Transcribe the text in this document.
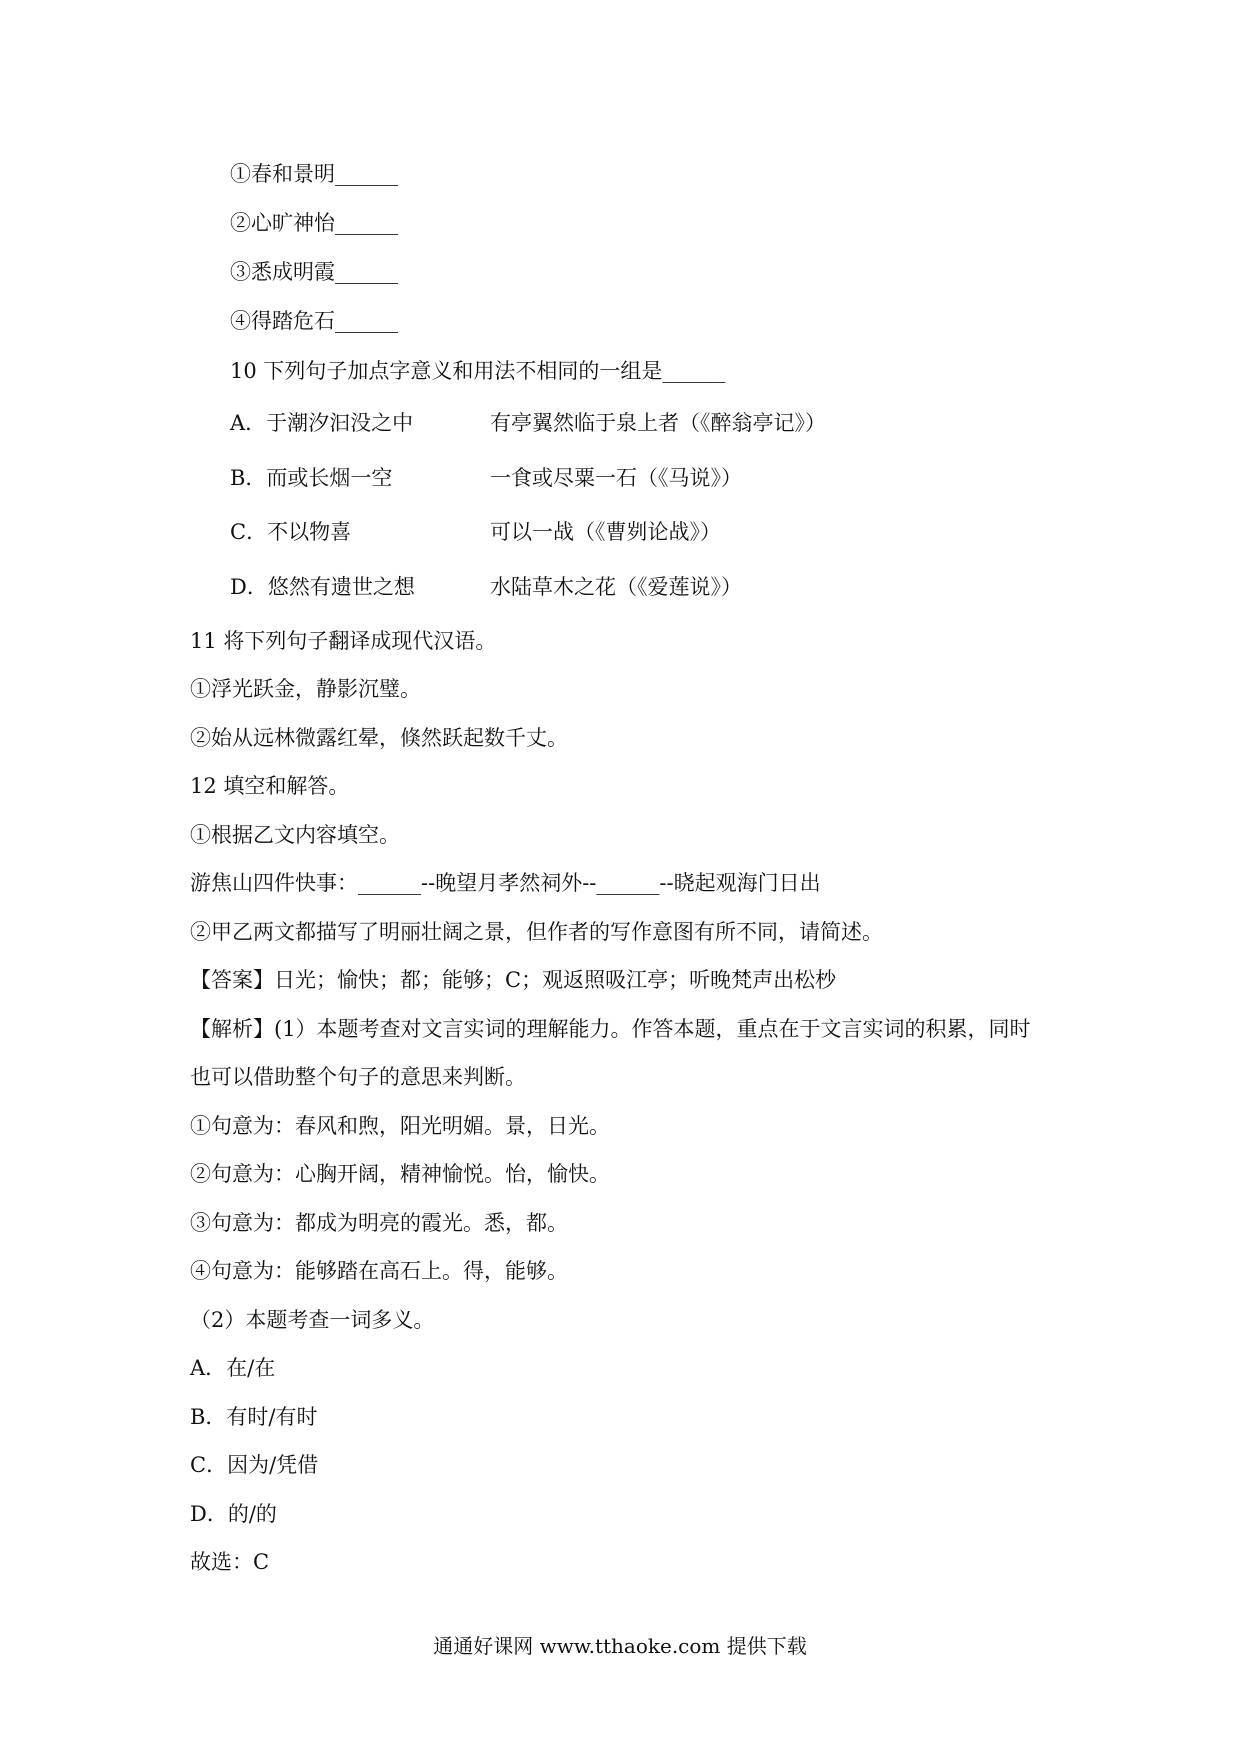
①春和景明______
②心旷神怡______
③悉成明霞______
④得踏危石______
10 下列句子加点字意义和用法不相同的一组是______
A．于潮汐汩没之中	有亭翼然临于泉上者（《醉翁亭记》）
B．而或长烟一空	一食或尽粟一石（《马说》）
C．不以物喜	可以一战（《曹刿论战》）
D．悠然有遗世之想	水陆草木之花（《爱莲说》）
11 将下列句子翻译成现代汉语。
①浮光跃金，静影沉璧。
②始从远林微露红晕，倏然跃起数千丈。
12 填空和解答。
①根据乙文内容填空。
游焦山四件快事：______--晚望月孝然祠外--______--晓起观海门日出
②甲乙两文都描写了明丽壮阔之景，但作者的写作意图有所不同，请简述。
【答案】日光；愉快；都；能够；C；观返照吸江亭；听晚梵声出松杪
【解析】(1）本题考查对文言实词的理解能力。作答本题，重点在于文言实词的积累，同时
也可以借助整个句子的意思来判断。
①句意为：春风和煦，阳光明媚。景，日光。
②句意为：心胸开阔，精神愉悦。怡，愉快。
③句意为：都成为明亮的霞光。悉，都。
④句意为：能够踏在高石上。得，能够。
（2）本题考查一词多义。
A．在/在
B．有时/有时
C．因为/凭借
D．的/的
故选：C
通通好课网 www.tthaoke.com 提供下载
